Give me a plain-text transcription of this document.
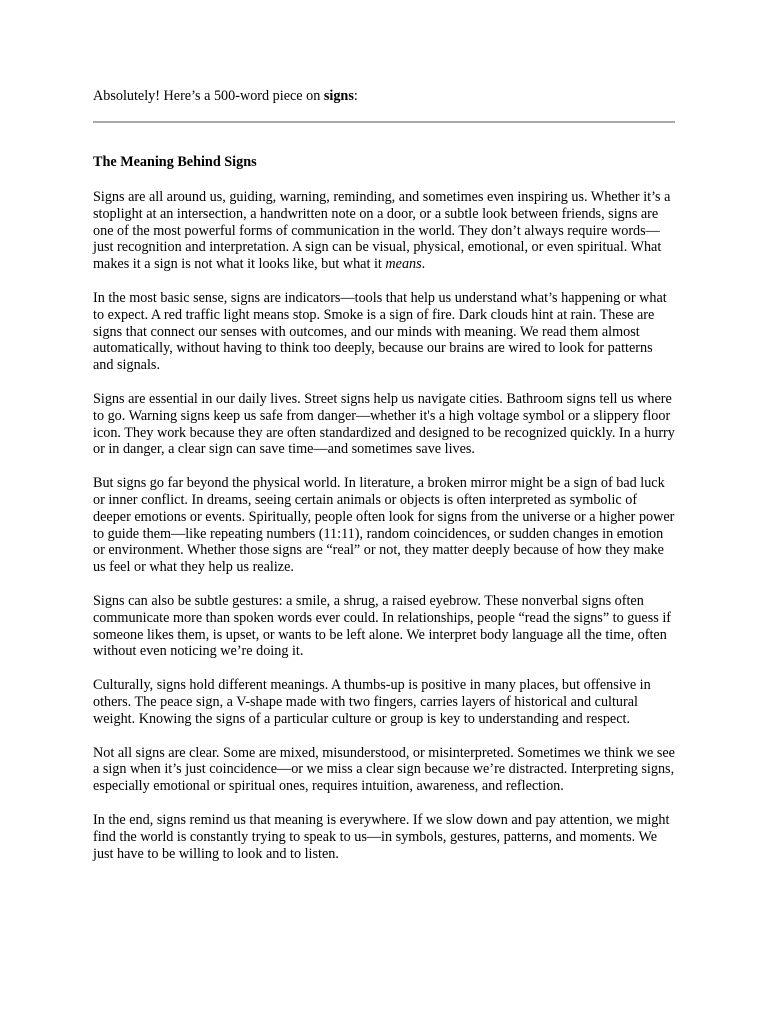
Absolutely! Here’s a 500-word piece on signs:

The Meaning Behind Signs

Signs are all around us, guiding, warning, reminding, and sometimes even inspiring us. Whether it’s a stoplight at an intersection, a handwritten note on a door, or a subtle look between friends, signs are one of the most powerful forms of communication in the world. They don’t always require words—just recognition and interpretation. A sign can be visual, physical, emotional, or even spiritual. What makes it a sign is not what it looks like, but what it means.

In the most basic sense, signs are indicators—tools that help us understand what’s happening or what to expect. A red traffic light means stop. Smoke is a sign of fire. Dark clouds hint at rain. These are signs that connect our senses with outcomes, and our minds with meaning. We read them almost automatically, without having to think too deeply, because our brains are wired to look for patterns and signals.

Signs are essential in our daily lives. Street signs help us navigate cities. Bathroom signs tell us where to go. Warning signs keep us safe from danger—whether it's a high voltage symbol or a slippery floor icon. They work because they are often standardized and designed to be recognized quickly. In a hurry or in danger, a clear sign can save time—and sometimes save lives.

But signs go far beyond the physical world. In literature, a broken mirror might be a sign of bad luck or inner conflict. In dreams, seeing certain animals or objects is often interpreted as symbolic of deeper emotions or events. Spiritually, people often look for signs from the universe or a higher power to guide them—like repeating numbers (11:11), random coincidences, or sudden changes in emotion or environment. Whether those signs are “real” or not, they matter deeply because of how they make us feel or what they help us realize.

Signs can also be subtle gestures: a smile, a shrug, a raised eyebrow. These nonverbal signs often communicate more than spoken words ever could. In relationships, people “read the signs” to guess if someone likes them, is upset, or wants to be left alone. We interpret body language all the time, often without even noticing we’re doing it.

Culturally, signs hold different meanings. A thumbs-up is positive in many places, but offensive in others. The peace sign, a V-shape made with two fingers, carries layers of historical and cultural weight. Knowing the signs of a particular culture or group is key to understanding and respect.

Not all signs are clear. Some are mixed, misunderstood, or misinterpreted. Sometimes we think we see a sign when it’s just coincidence—or we miss a clear sign because we’re distracted. Interpreting signs, especially emotional or spiritual ones, requires intuition, awareness, and reflection.

In the end, signs remind us that meaning is everywhere. If we slow down and pay attention, we might find the world is constantly trying to speak to us—in symbols, gestures, patterns, and moments. We just have to be willing to look and to listen.
